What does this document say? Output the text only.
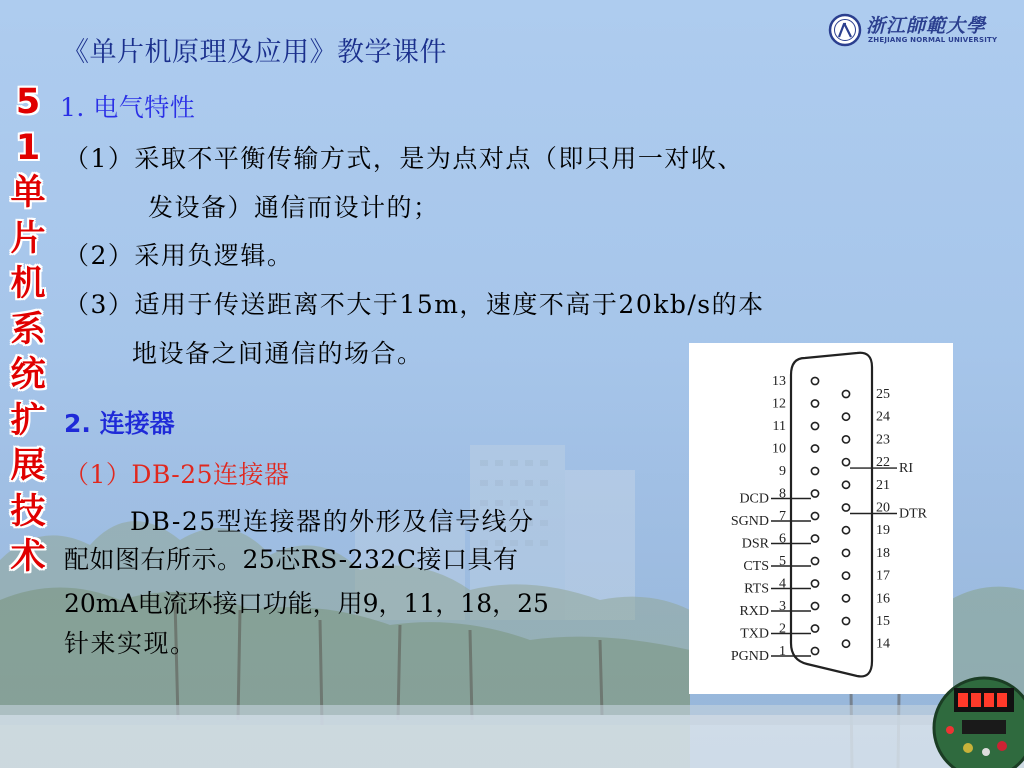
《单片机原理及应用》教学课件
浙江師範大學
ZHEJIANG NORMAL UNIVERSITY
5
1
单
片
机
系
统
扩
展
技
术
1. 电气特性
（1）采取不平衡传输方式，是为点对点（即只用一对收、
发设备）通信而设计的；
（2）采用负逻辑。
（3）适用于传送距离不大于15m，速度不高于20kb/s的本
地设备之间通信的场合。
2. 连接器
（1）DB-25连接器
DB-25型连接器的外形及信号线分
配如图右所示。25芯RS-232C接口具有
20mA电流环接口功能，用9，11，18，25
针来实现。
13
12
11
10
9
8
7
6
5
4
3
2
1
25
24
23
22
21
20
19
18
17
16
15
14
DCD
SGND
DSR
CTS
RTS
RXD
TXD
PGND
RI
DTR
